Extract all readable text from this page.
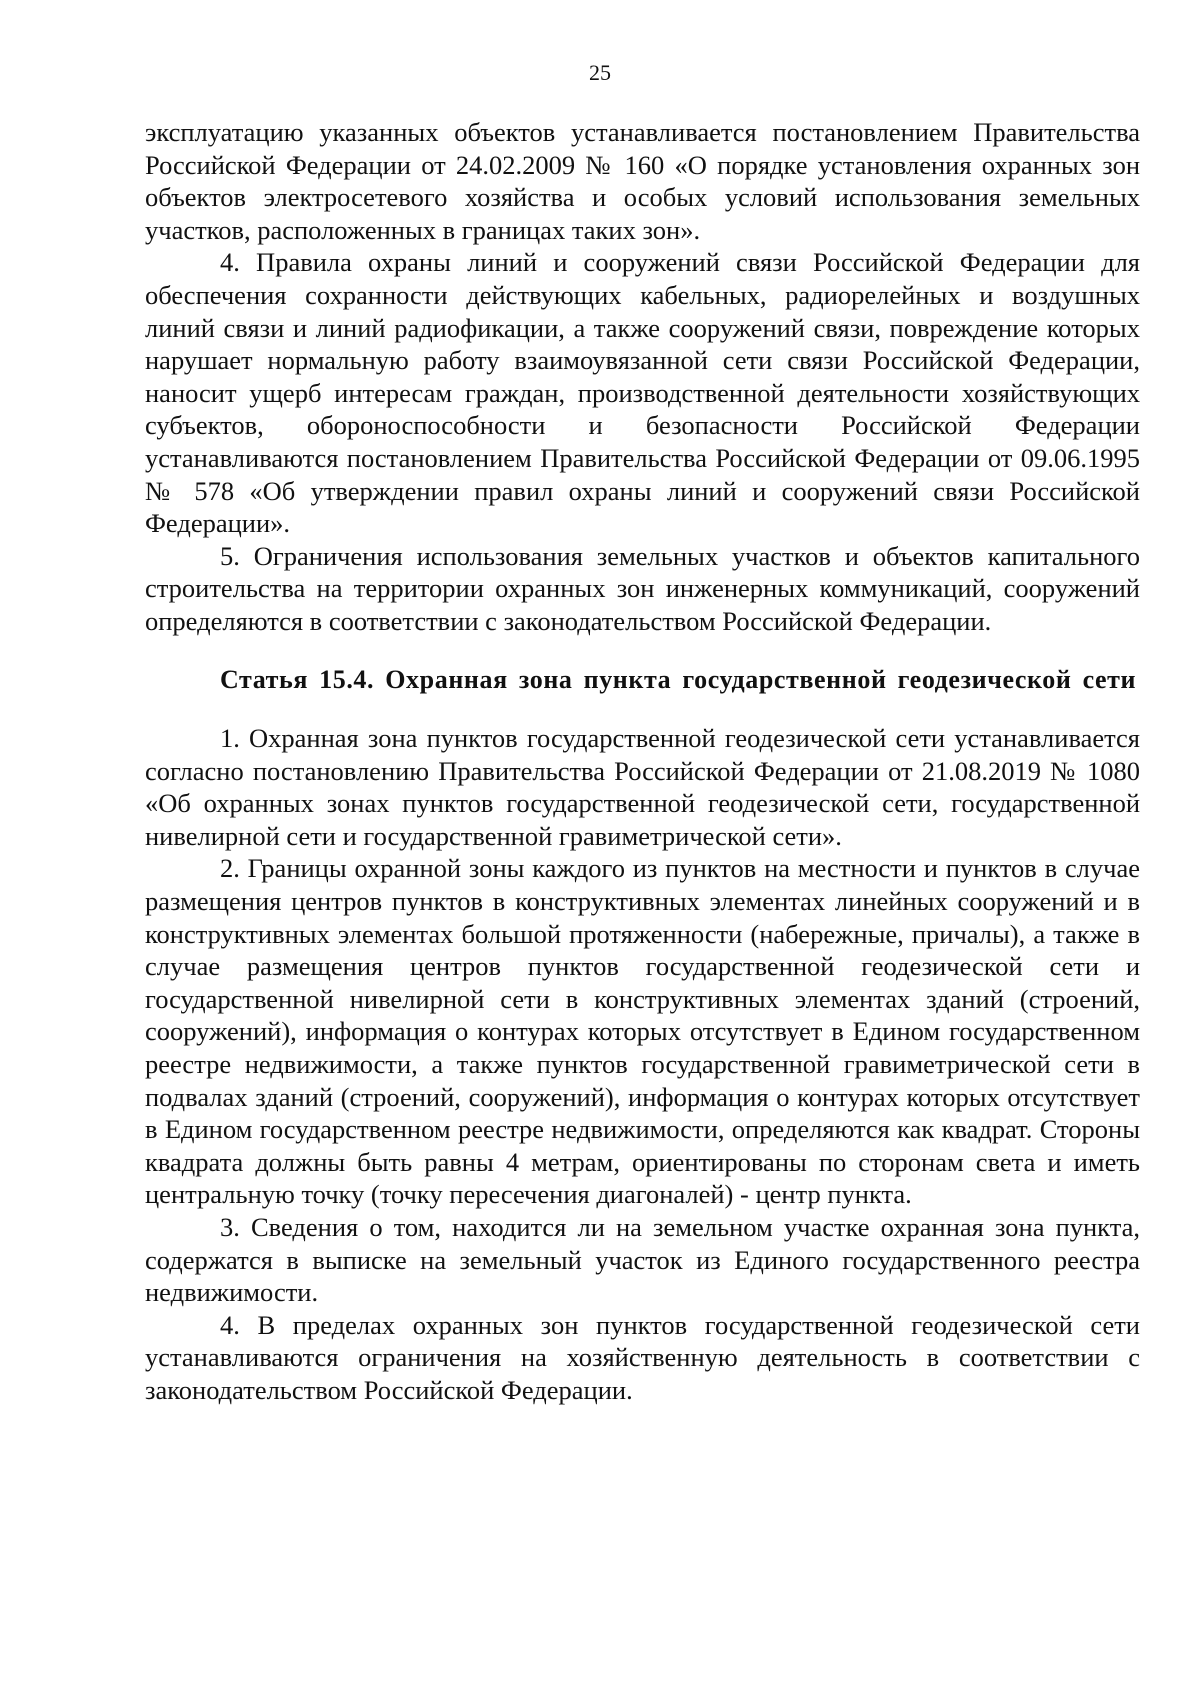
25

эксплуатацию указанных объектов устанавливается постановлением Правительства Российской Федерации от 24.02.2009 № 160 «О порядке установления охранных зон объектов электросетевого хозяйства и особых условий использования земельных участков, расположенных в границах таких зон».

4. Правила охраны линий и сооружений связи Российской Федерации для обеспечения сохранности действующих кабельных, радиорелейных и воздушных линий связи и линий радиофикации, а также сооружений связи, повреждение которых нарушает нормальную работу взаимоувязанной сети связи Российской Федерации, наносит ущерб интересам граждан, производственной деятельности хозяйствующих субъектов, обороноспособности и безопасности Российской Федерации устанавливаются постановлением Правительства Российской Федерации от 09.06.1995 № 578 «Об утверждении правил охраны линий и сооружений связи Российской Федерации».

5. Ограничения использования земельных участков и объектов капитального строительства на территории охранных зон инженерных коммуникаций, сооружений определяются в соответствии с законодательством Российской Федерации.

Статья 15.4. Охранная зона пункта государственной геодезической сети

1. Охранная зона пунктов государственной геодезической сети устанавливается согласно постановлению Правительства Российской Федерации от 21.08.2019 № 1080 «Об охранных зонах пунктов государственной геодезической сети, государственной нивелирной сети и государственной гравиметрической сети».

2. Границы охранной зоны каждого из пунктов на местности и пунктов в случае размещения центров пунктов в конструктивных элементах линейных сооружений и в конструктивных элементах большой протяженности (набережные, причалы), а также в случае размещения центров пунктов государственной геодезической сети и государственной нивелирной сети в конструктивных элементах зданий (строений, сооружений), информация о контурах которых отсутствует в Едином государственном реестре недвижимости, а также пунктов государственной гравиметрической сети в подвалах зданий (строений, сооружений), информация о контурах которых отсутствует в Едином государственном реестре недвижимости, определяются как квадрат. Стороны квадрата должны быть равны 4 метрам, ориентированы по сторонам света и иметь центральную точку (точку пересечения диагоналей) - центр пункта.

3. Сведения о том, находится ли на земельном участке охранная зона пункта, содержатся в выписке на земельный участок из Единого государственного реестра недвижимости.

4. В пределах охранных зон пунктов государственной геодезической сети устанавливаются ограничения на хозяйственную деятельность в соответствии с законодательством Российской Федерации.
